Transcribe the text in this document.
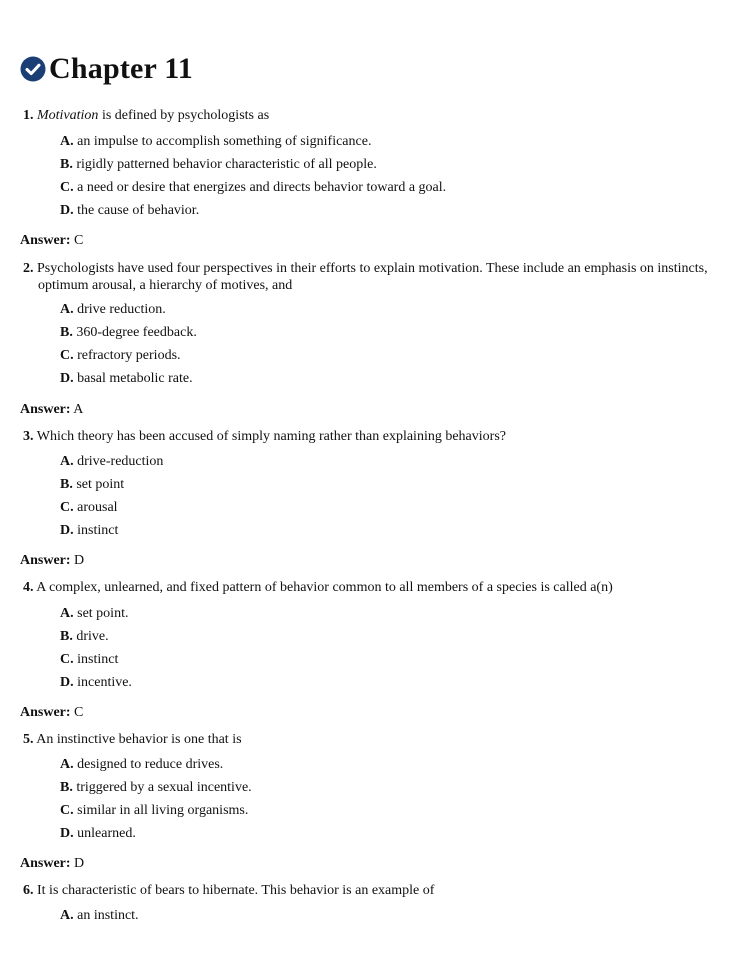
Chapter 11
1. Motivation is defined by psychologists as
A. an impulse to accomplish something of significance.
B. rigidly patterned behavior characteristic of all people.
C. a need or desire that energizes and directs behavior toward a goal.
D. the cause of behavior.
Answer: C
2. Psychologists have used four perspectives in their efforts to explain motivation. These include an emphasis on instincts, optimum arousal, a hierarchy of motives, and
A. drive reduction.
B. 360-degree feedback.
C. refractory periods.
D. basal metabolic rate.
Answer: A
3. Which theory has been accused of simply naming rather than explaining behaviors?
A. drive-reduction
B. set point
C. arousal
D. instinct
Answer: D
4. A complex, unlearned, and fixed pattern of behavior common to all members of a species is called a(n)
A. set point.
B. drive.
C. instinct
D. incentive.
Answer: C
5. An instinctive behavior is one that is
A. designed to reduce drives.
B. triggered by a sexual incentive.
C. similar in all living organisms.
D. unlearned.
Answer: D
6. It is characteristic of bears to hibernate. This behavior is an example of
A. an instinct.
